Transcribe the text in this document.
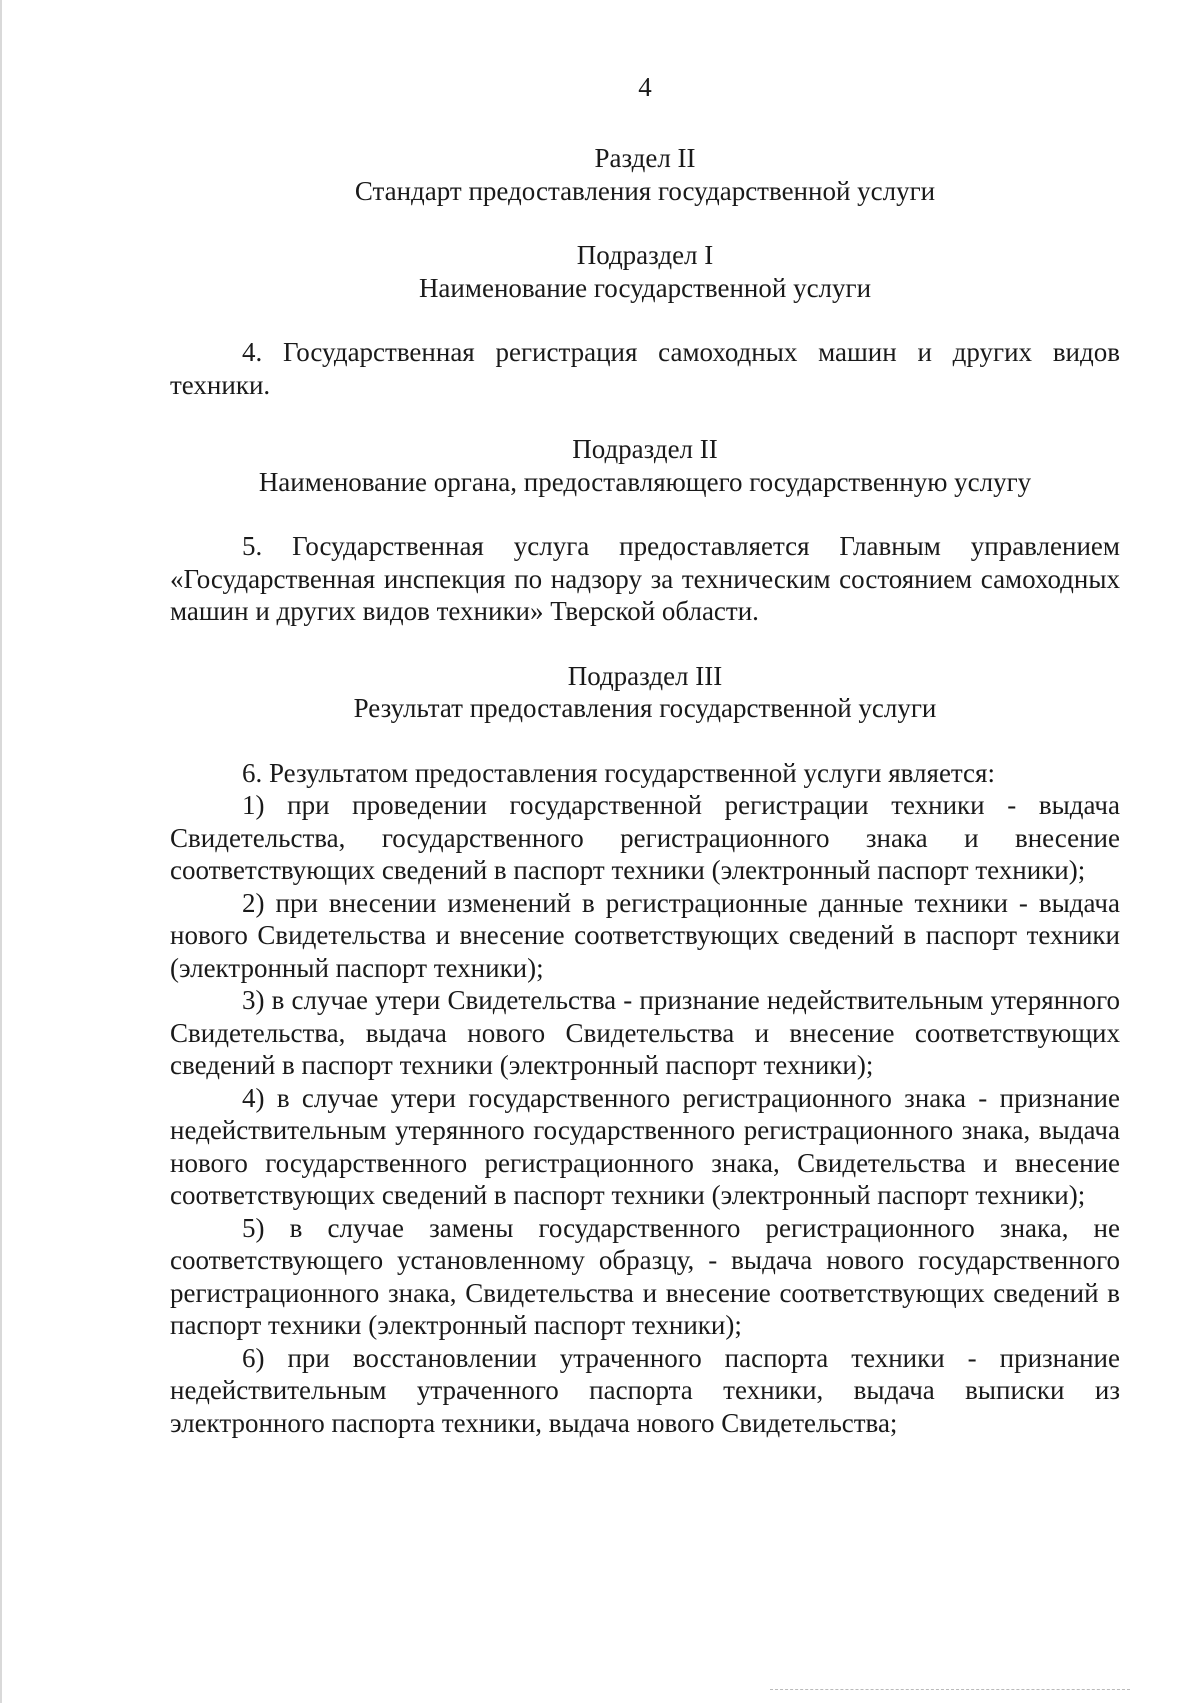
4

Раздел II

Стандарт предоставления государственной услуги

Подраздел I

Наименование государственной услуги

4. Государственная регистрация самоходных машин и других видов техники.

Подраздел II

Наименование органа, предоставляющего государственную услугу

5. Государственная услуга предоставляется Главным управлением «Государственная инспекция по надзору за техническим состоянием самоходных машин и других видов техники» Тверской области.

Подраздел III

Результат предоставления государственной услуги

6. Результатом предоставления государственной услуги является:

1) при проведении государственной регистрации техники - выдача Свидетельства, государственного регистрационного знака и внесение соответствующих сведений в паспорт техники (электронный паспорт техники);

2) при внесении изменений в регистрационные данные техники - выдача нового Свидетельства и внесение соответствующих сведений в паспорт техники (электронный паспорт техники);

3) в случае утери Свидетельства - признание недействительным утерянного Свидетельства, выдача нового Свидетельства и внесение соответствующих сведений в паспорт техники (электронный паспорт техники);

4) в случае утери государственного регистрационного знака - признание недействительным утерянного государственного регистрационного знака, выдача нового государственного регистрационного знака, Свидетельства и внесение соответствующих сведений в паспорт техники (электронный паспорт техники);

5) в случае замены государственного регистрационного знака, не соответствующего установленному образцу, - выдача нового государственного регистрационного знака, Свидетельства и внесение соответствующих сведений в паспорт техники (электронный паспорт техники);

6) при восстановлении утраченного паспорта техники - признание недействительным утраченного паспорта техники, выдача выписки из электронного паспорта техники, выдача нового Свидетельства;
